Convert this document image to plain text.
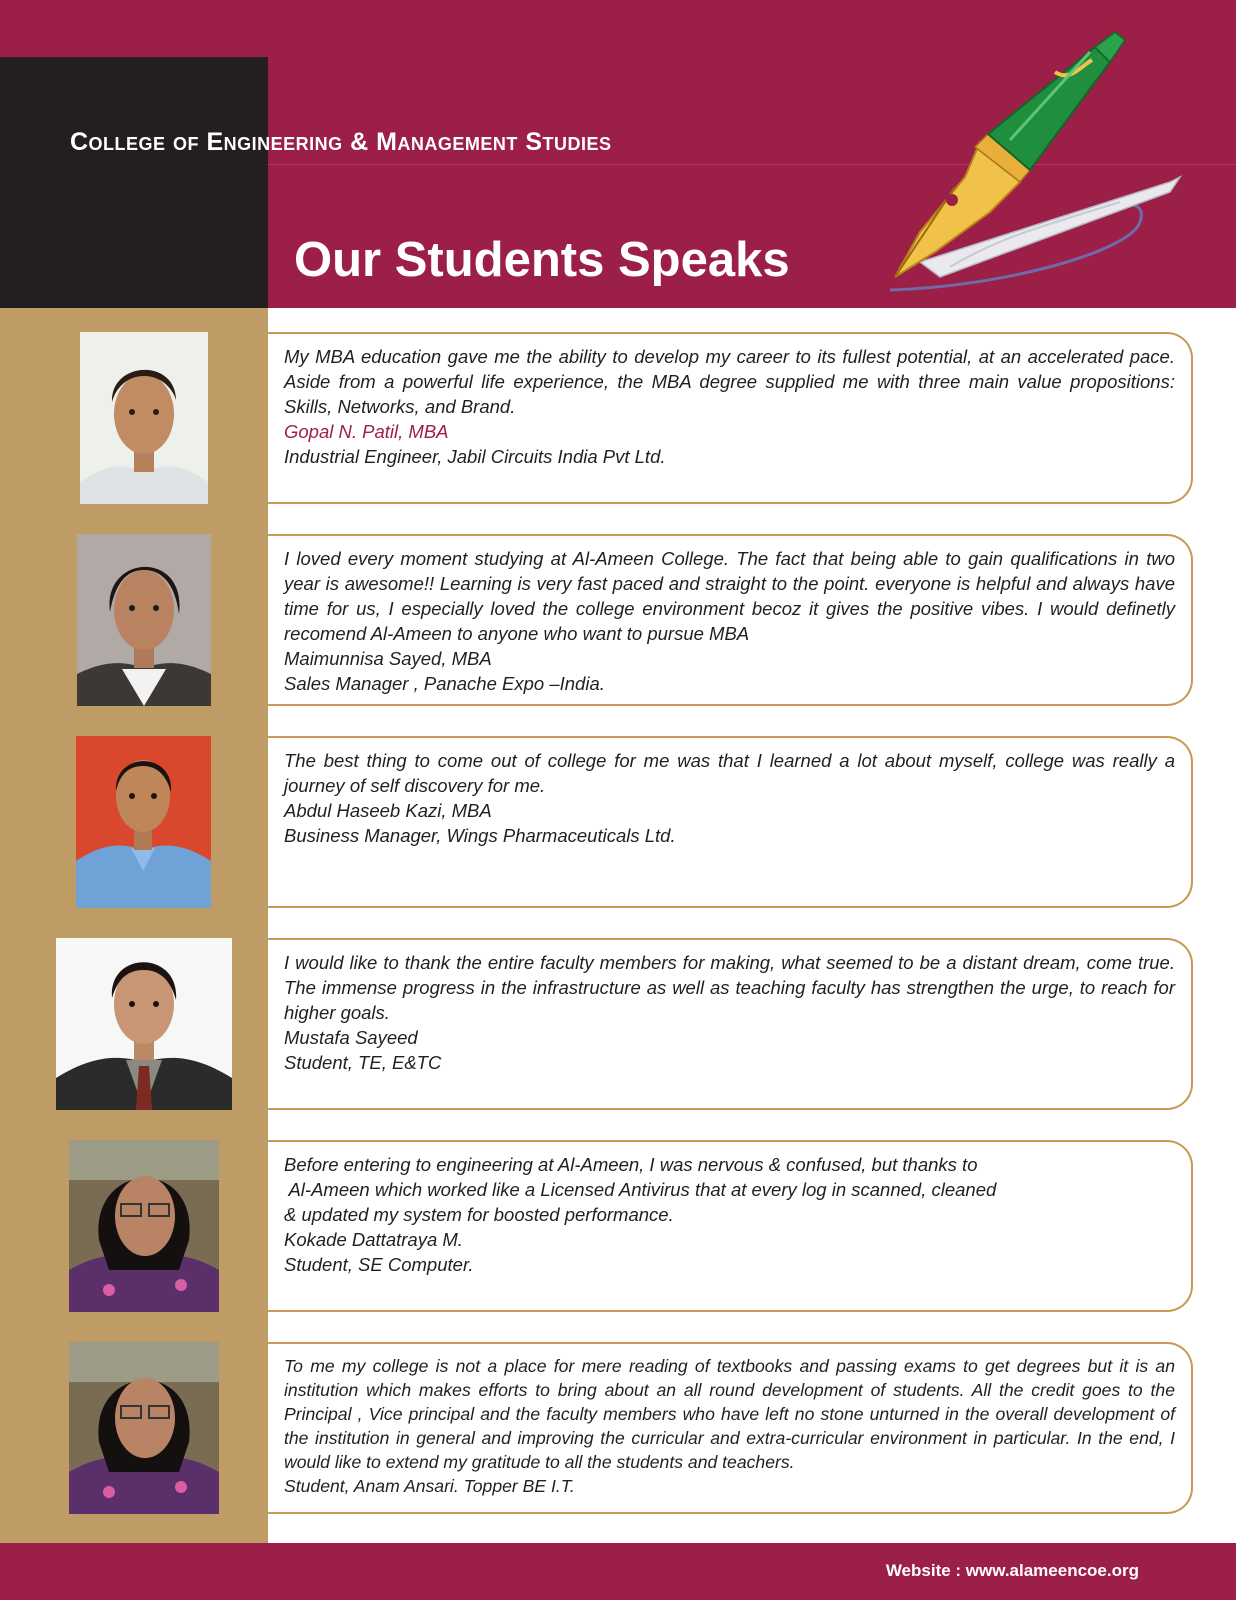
College of Engineering & Management Studies
Our Students Speaks

My MBA education gave me the ability to develop my career to its fullest potential, at an accelerated pace. Aside from a powerful life experience, the MBA degree supplied me with three main value propositions: Skills, Networks, and Brand.

Gopal N. Patil, MBA

Industrial Engineer, Jabil Circuits India Pvt Ltd.

I loved every moment studying at Al-Ameen College. The fact that being able to gain qualifications in two year is awesome!! Learning is very fast paced and straight to the point. everyone is helpful and always have time for us, I especially loved the college environment becoz it gives the positive vibes. I would definetly recomend Al-Ameen to anyone who want to pursue MBA

Maimunnisa Sayed, MBA

Sales Manager , Panache Expo –India.

The best thing to come out of college for me was that I learned a lot about myself, college was really a journey of self discovery for me.

Abdul Haseeb Kazi, MBA

Business Manager, Wings Pharmaceuticals Ltd.

I would like to thank the entire faculty members for making, what seemed to be a distant dream, come true. The immense progress in the infrastructure as well as teaching faculty has strengthen the urge, to reach for higher goals.

Mustafa Sayeed

Student, TE, E&TC

Before entering to engineering at Al-Ameen, I was nervous & confused, but thanks to

Al-Ameen which worked like a Licensed Antivirus that at every log in scanned, cleaned

& updated my system for boosted performance.

Kokade Dattatraya M.

Student, SE Computer.

To me my college is not a place for mere reading of textbooks and passing exams to get degrees but it is an institution which makes efforts to bring about an all round development of students. All the credit goes to the Principal , Vice principal and the faculty members who have left no stone unturned in the overall development of the institution in general and improving the curricular and extra-curricular environment in particular. In the end, I would like to extend my gratitude to all the students and teachers.

Student, Anam Ansari. Topper BE I.T.

Website : www.alameencoe.org
